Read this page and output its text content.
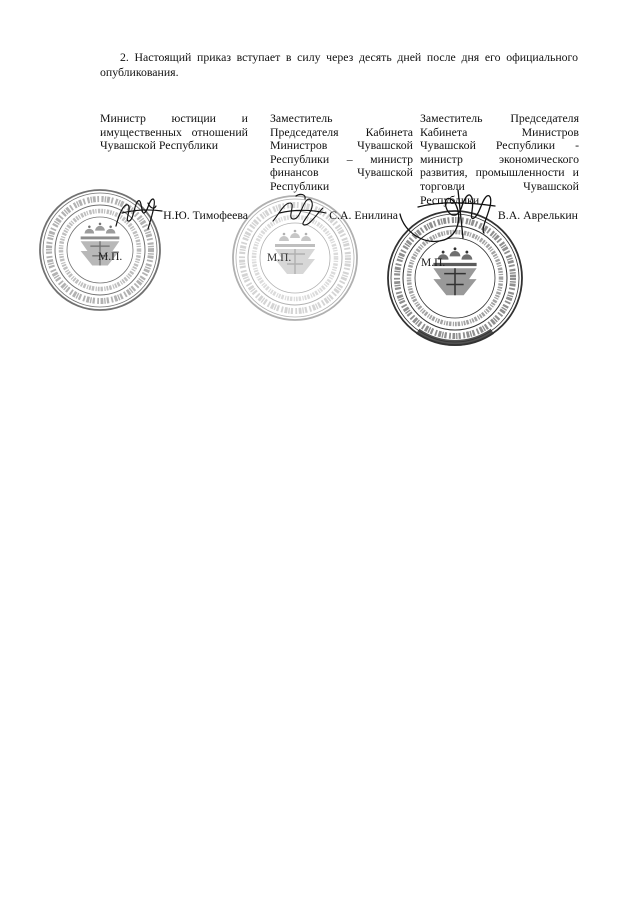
2. Настоящий приказ вступает в силу через десять дней после дня его официального
опубликования.
Министр юстиции и
имущественных отношений
Чувашской Республики
Заместитель
Председателя Кабинета
Министров Чувашской
Республики – министр
финансов Чувашской
Республики
Заместитель Председателя
Кабинета Министров
Чувашской Республики -
министр экономического
развития, промышленности и
торговли Чувашской
Республики
Н.Ю. Тимофеева	С.А. Енилина	В.А. Аврелькин
М.П.	М.П.	М.П.
